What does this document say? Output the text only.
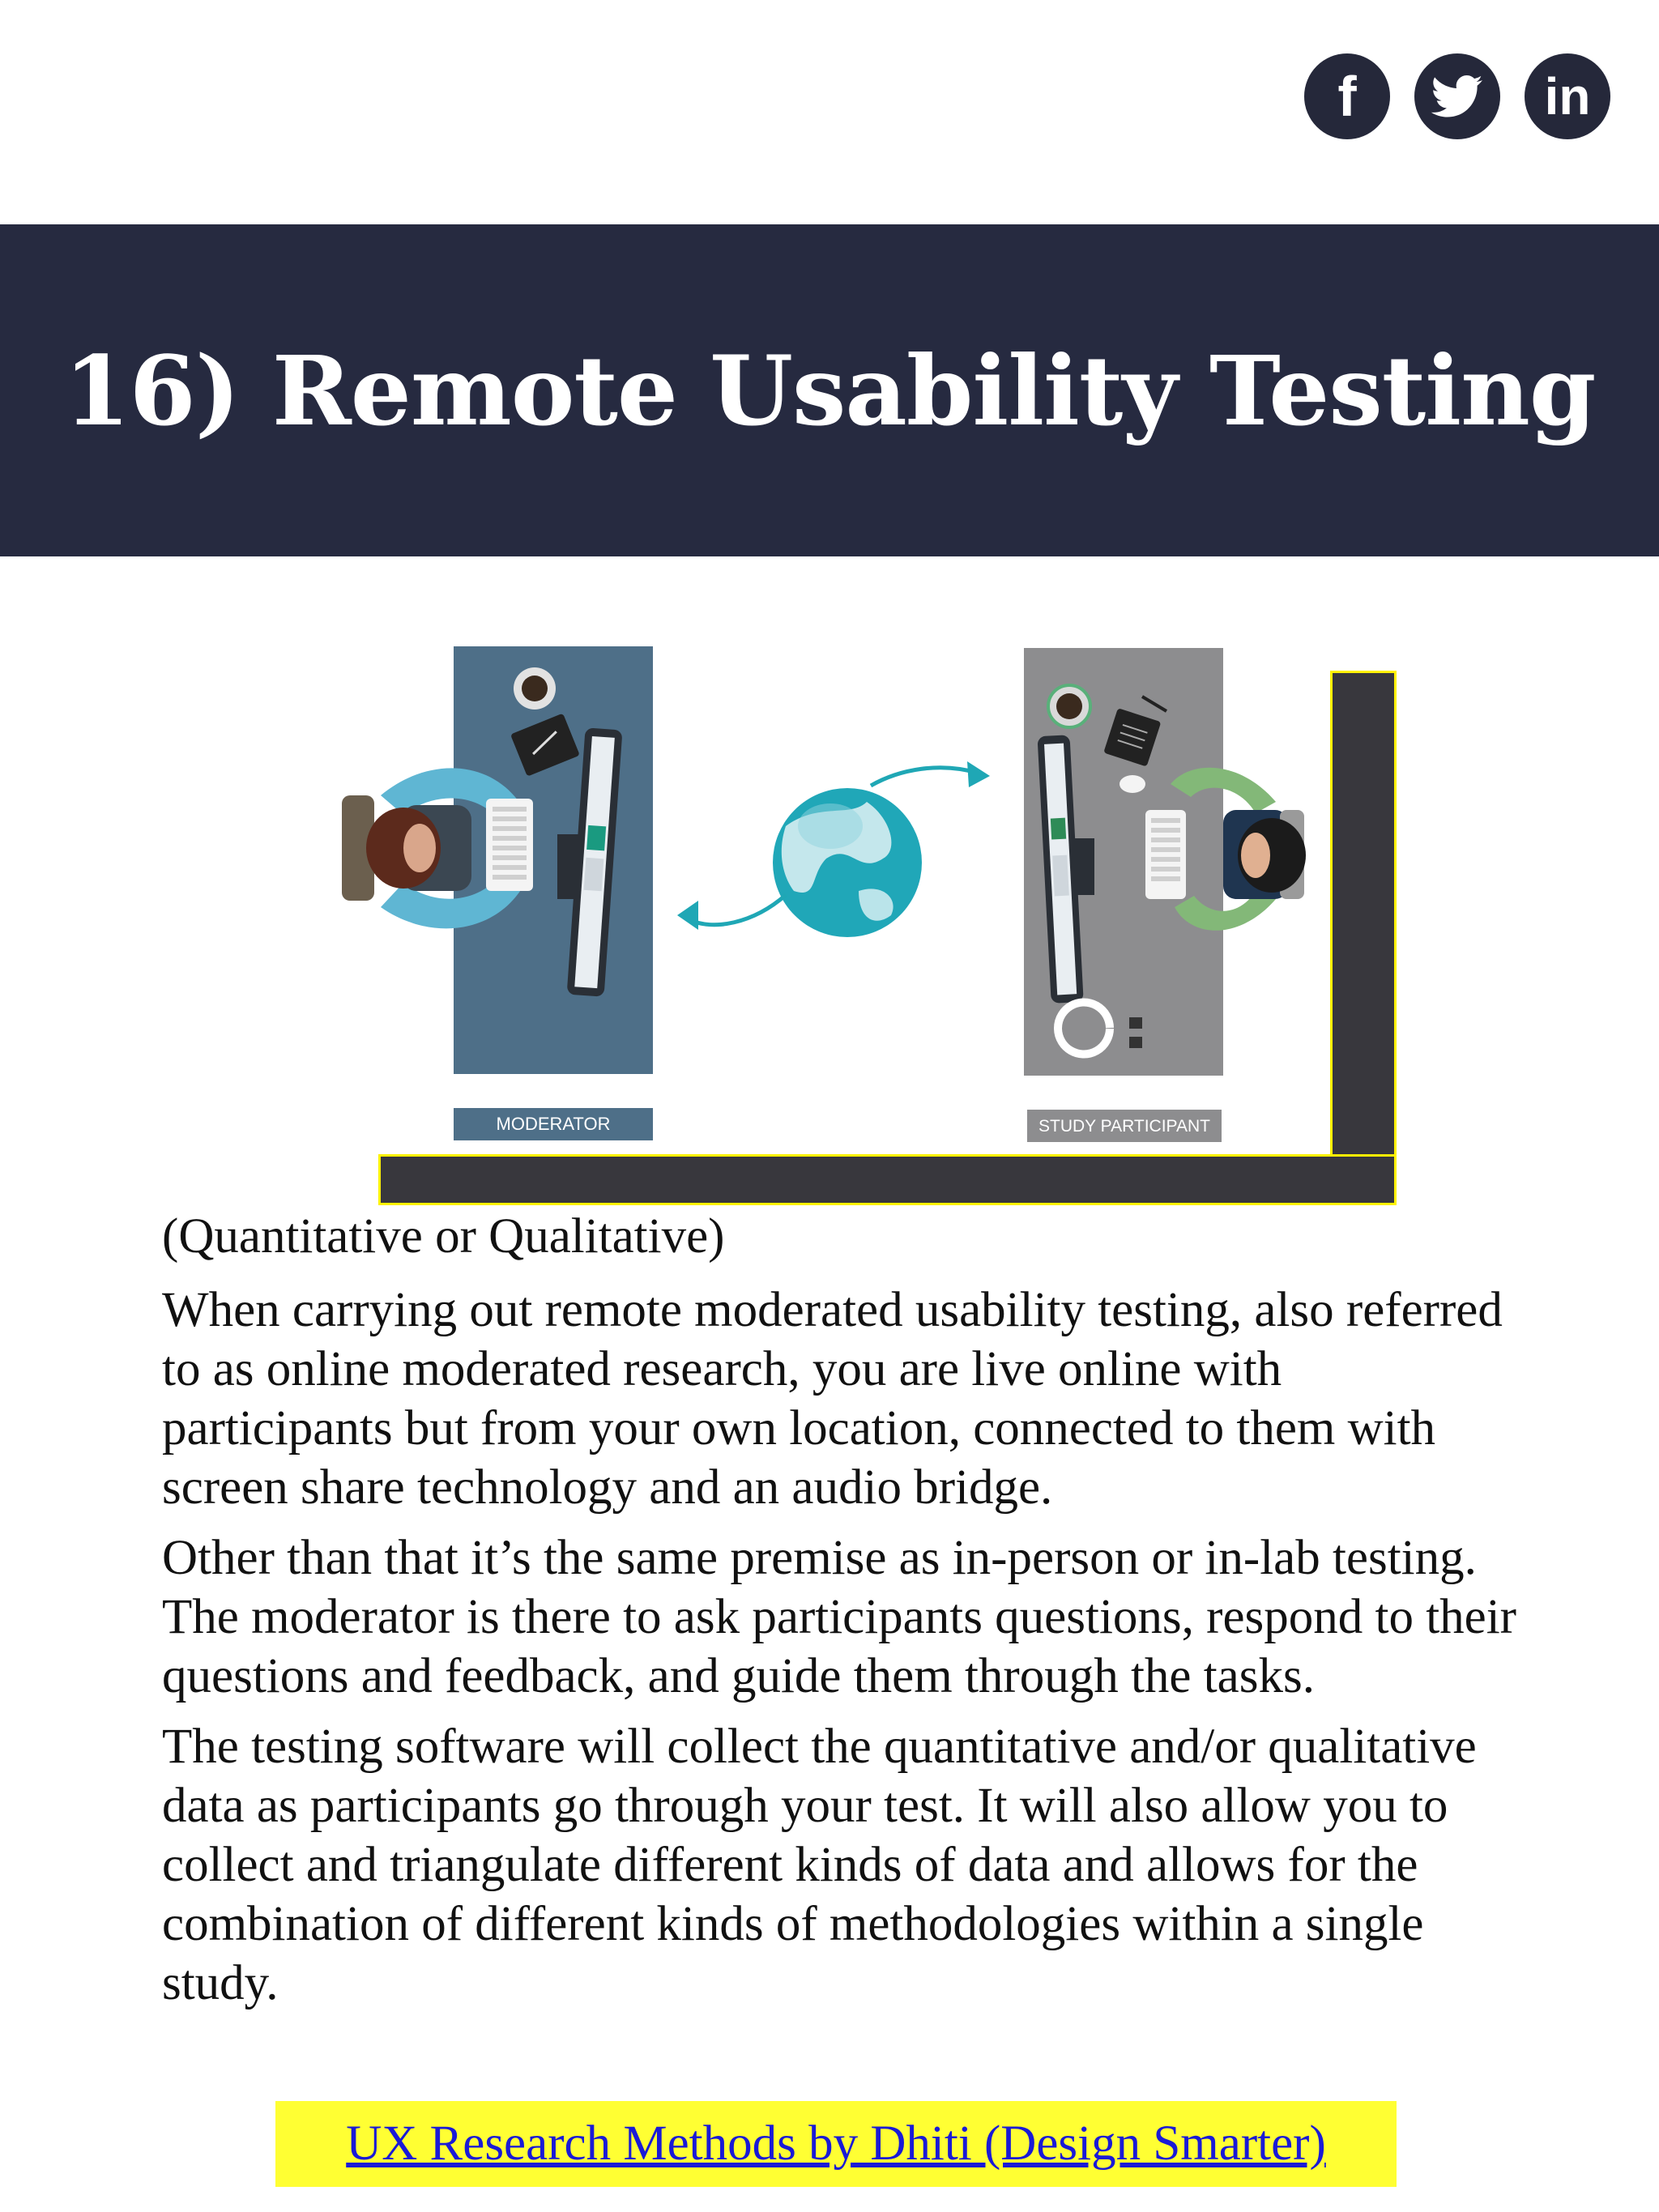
f	in
16) Remote Usability Testing
MODERATOR	STUDY PARTICIPANT

(Quantitative or Qualitative)

When carrying out remote moderated usability testing, also referred to as online moderated research, you are live online with participants but from your own location, connected to them with screen share technology and an audio bridge.

Other than that it’s the same premise as in-person or in-lab testing. The moderator is there to ask participants questions, respond to their questions and feedback, and guide them through the tasks.

The testing software will collect the quantitative and/or qualitative data as participants go through your test. It will also allow you to collect and triangulate different kinds of data and allows for the combination of different kinds of methodologies within a single study.

UX Research Methods by Dhiti (Design Smarter)
